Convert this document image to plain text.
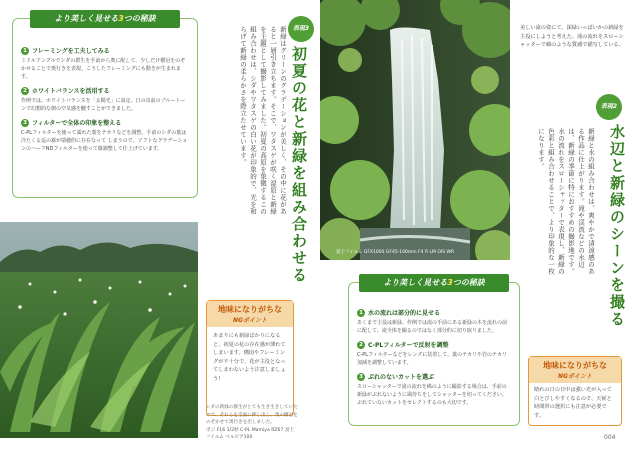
より美しく見せる3つの秘訣
1 フレーミングを工夫してみる
ミドルアングルでシダの群生を手前から奥に配して、少しだけ樹冠をのぞかせることで奥行きを表現。こうしたフレーミングにも動きが生まれます。
2 ホワイトバランスを活用する
作例では、ホワイトバランスを「太陽光」に設定。日の出前のブルートーンで幻想的な朝の空気感を醸すことができました。
3 フィルターで全体の印象を整える
C-PLフィルターを使って濡れた葉をテカリなどを調整。手前のシダの葉は冷たくる巡の霧が瑞穂的に存在なって しまうので、ソフトなグラデーションのハーフNDフィルターを使って微調整して仕上げています。	新緑はグリーンのグラデーションが美しく、その中に花があると一層引き立ちます。そこで、ワタスゲが咲く湿原と新緑を主題として撮影してみました。初夏の高原を象徴するこの組み合わせは、シダやワタスゲの白い花が印象的で、光を和らげて新緑の柔らかさを際立たせています。	表現3
初夏の花と新緑を組み合わせる
地味になりがちな
NGポイント
あまりにも新緑ばかりになると、初夏の花の存在感が薄れてしまいます。構図やフレーミングが不十分で、花が主役となってしまわないよう注意しましょう!
シダの新緑の群生がとても生き生きしていたので、それらを全面に押し出し、奥の樹冠をのぞかせて奥行きを出しました。
ポジ F16 1/2秒 C-PL Mamiya RZ67 富士フイルム ベルビア100
富士フイルム GFX100S GF45-100mm F4 R LM OIS WR
美しい滝の姿にて、深緑いっぱいかの新緑を主役にしようと考えた。滝の流れをスローシャッターで綿のような質感で描写している。
表現2
水辺と新緑のシーンを撮る
新緑と水の組み合わせは、爽やかで清涼感のある作品に仕上がります。滝や渓流などの水辺は、新緑の季節に特におすすめの撮影地です。水の流れをスローシャッターで表現し、新緑の色彩と組み合わせることで、より印象的な一枚になります。
より美しく見せる3つの秘訣
1 水の流れは部分的に見せる
あくまで主役は新緑。作例では滝の手前にある新緑の木を流れの前に配して、滝全体を撮るのではなく部分的に切り取りました。
2 C-PLフィルターで反射を調整
C-PLフィルターなどをレンズに装着して、葉のテカリや岩のテカリ加減を調整しています。
3 ぶれのないカットを選ぶ
スローシャッターで滝の流れを綿のように撮影する場合は、手前の新緑がぶれないように風待ちをしてシャッターを切ってください。ぶれていないカットをセレクトするのも大切です。
地味になりがちな
NGポイント
晴れの日の日中は強い光が入って白とびしやすくなるので、天候と時間帯の選択にも注意が必要です。
004
